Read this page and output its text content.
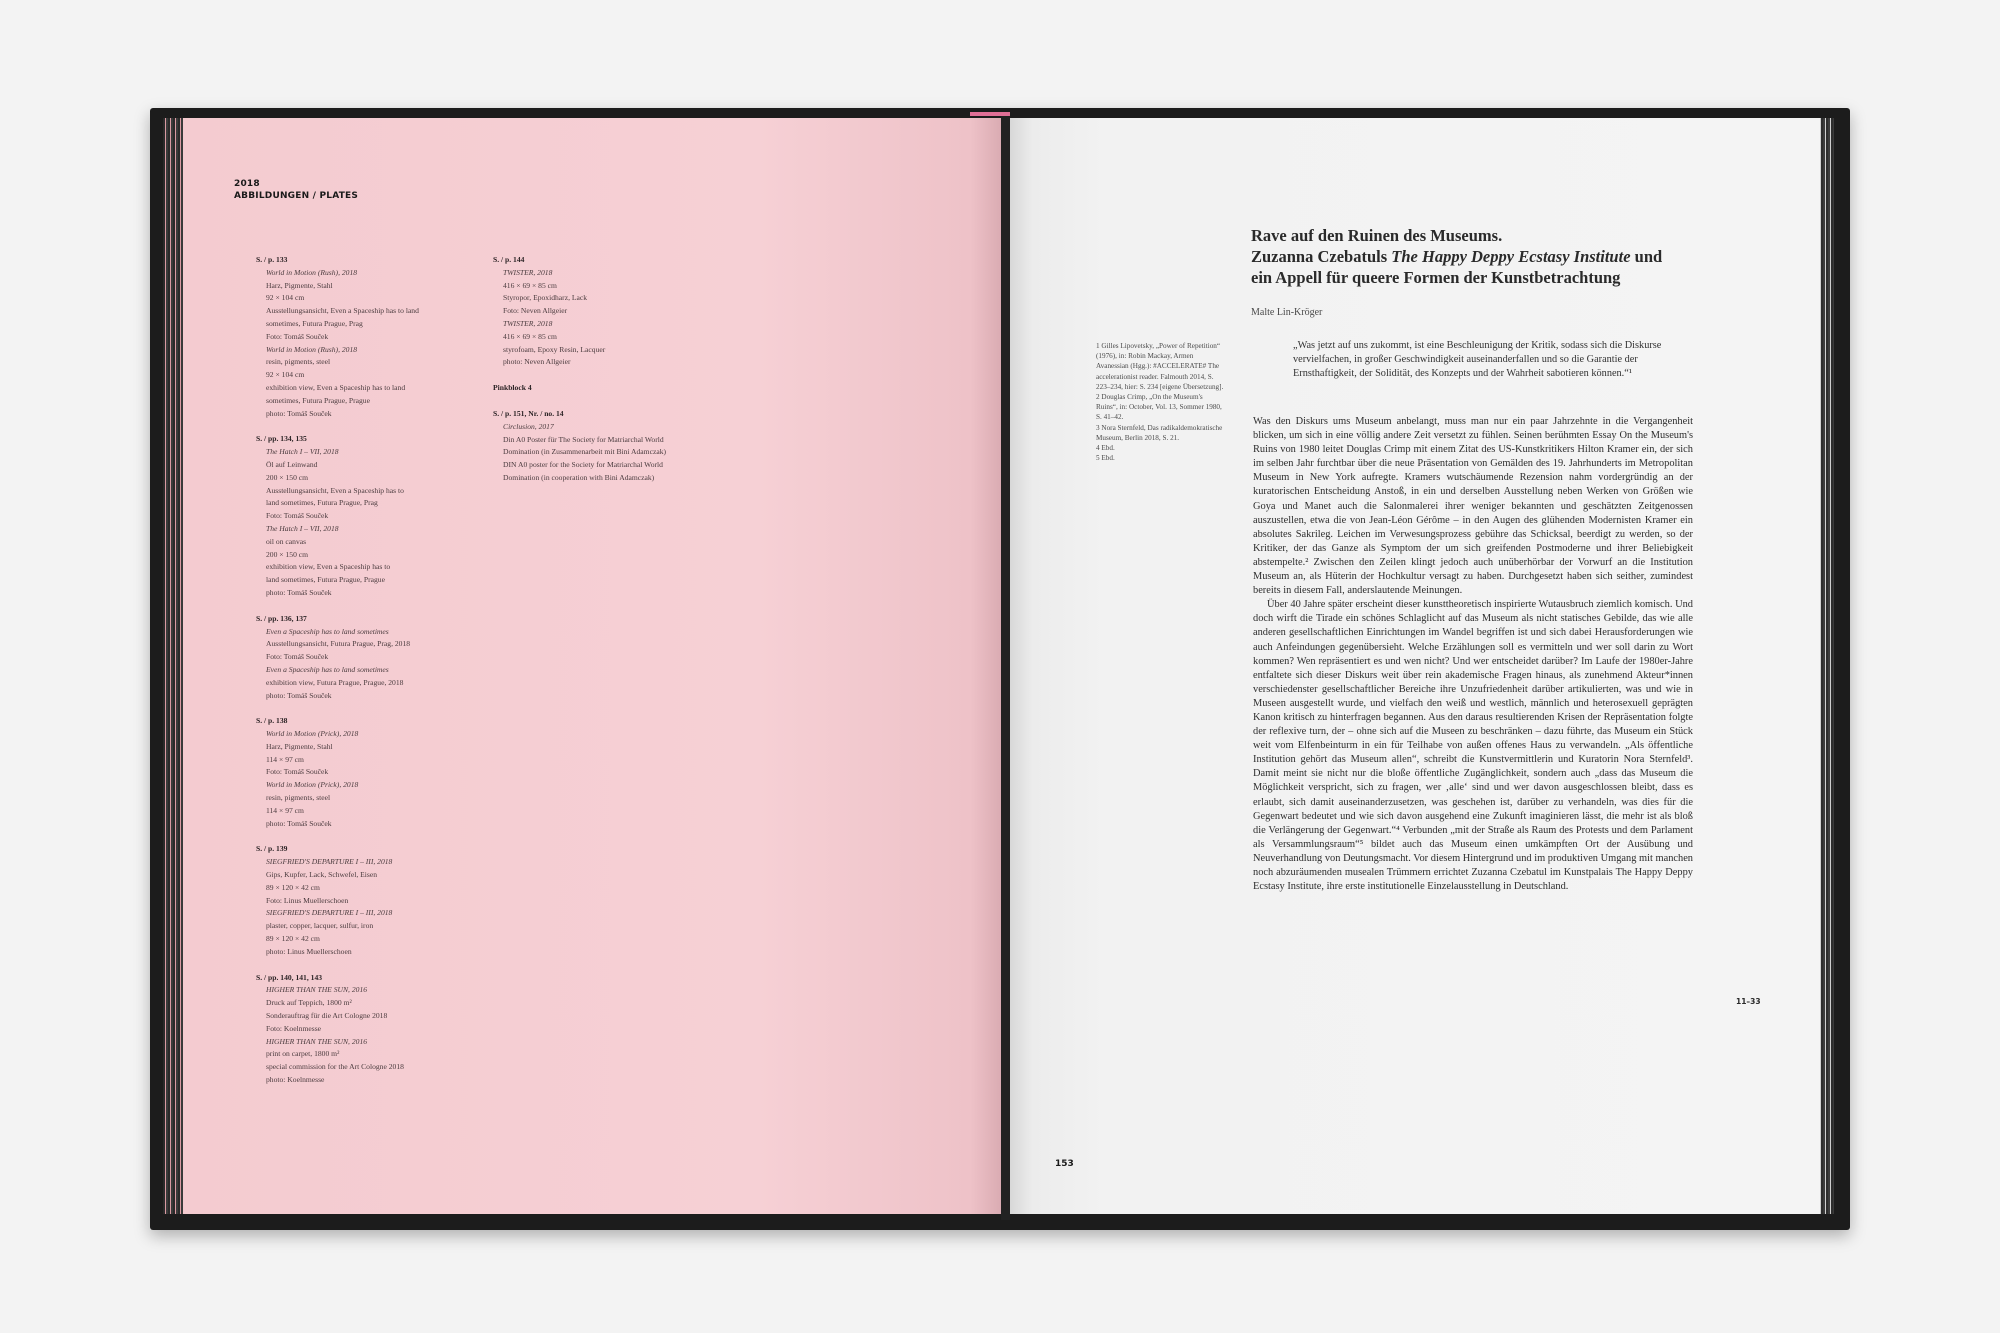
2018
ABBILDUNGEN / PLATES
S. / p. 133
World in Motion (Rush), 2018
Harz, Pigmente, Stahl
92 × 104 cm
Ausstellungsansicht, Even a Spaceship has to land
sometimes, Futura Prague, Prag
Foto: Tomáš Souček
World in Motion (Rush), 2018
resin, pigments, steel
92 × 104 cm
exhibition view, Even a Spaceship has to land
sometimes, Futura Prague, Prague
photo: Tomáš Souček
S. / pp. 134, 135
The Hatch I – VII, 2018
Öl auf Leinwand
200 × 150 cm
Ausstellungsansicht, Even a Spaceship has to
land sometimes, Futura Prague, Prag
Foto: Tomáš Souček
The Hatch I – VII, 2018
oil on canvas
200 × 150 cm
exhibition view, Even a Spaceship has to
land sometimes, Futura Prague, Prague
photo: Tomáš Souček
S. / pp. 136, 137
Even a Spaceship has to land sometimes
Ausstellungsansicht, Futura Prague, Prag, 2018
Foto: Tomáš Souček
Even a Spaceship has to land sometimes
exhibition view, Futura Prague, Prague, 2018
photo: Tomáš Souček
S. / p. 138
World in Motion (Prick), 2018
Harz, Pigmente, Stahl
114 × 97 cm
Foto: Tomáš Souček
World in Motion (Prick), 2018
resin, pigments, steel
114 × 97 cm
photo: Tomáš Souček
S. / p. 139
SIEGFRIED'S DEPARTURE I – III, 2018
Gips, Kupfer, Lack, Schwefel, Eisen
89 × 120 × 42 cm
Foto: Linus Muellerschoen
SIEGFRIED'S DEPARTURE I – III, 2018
plaster, copper, lacquer, sulfur, iron
89 × 120 × 42 cm
photo: Linus Muellerschoen
S. / pp. 140, 141, 143
HIGHER THAN THE SUN, 2016
Druck auf Teppich, 1800 m²
Sonderauftrag für die Art Cologne 2018
Foto: Koelnmesse
HIGHER THAN THE SUN, 2016
print on carpet, 1800 m²
special commission for the Art Cologne 2018
photo: Koelnmesse
S. / p. 144
TWISTER, 2018
416 × 69 × 85 cm
Styropor, Epoxidharz, Lack
Foto: Neven Allgeier
TWISTER, 2018
416 × 69 × 85 cm
styrofoam, Epoxy Resin, Lacquer
photo: Neven Allgeier
Pinkblock 4
S. / p. 151, Nr. / no. 14
Circlusion, 2017
Din A0 Poster für The Society for Matriarchal World
Domination (in Zusammenarbeit mit Bini Adamczak)
DIN A0 poster for the Society for Matriarchal World
Domination (in cooperation with Bini Adamczak)
Rave auf den Ruinen des Museums.
Zuzanna Czebatuls The Happy Deppy Ecstasy Institute und
ein Appell für queere Formen der Kunstbetrachtung
Malte Lin-Kröger
1 Gilles Lipovetsky, „Power of Repetition“ (1976), in: Robin Mackay, Armen Avanessian (Hgg.): #ACCELERATE# The accelerationist reader. Falmouth 2014, S. 223–234, hier: S. 234 [eigene Übersetzung].
2 Douglas Crimp, „On the Museum's Ruins“, in: October, Vol. 13, Sommer 1980, S. 41–42.
3 Nora Sternfeld, Das radikaldemokratische Museum, Berlin 2018, S. 21.
4 Ebd.
5 Ebd.
„Was jetzt auf uns zukommt, ist eine Beschleunigung der Kritik, sodass sich die Diskurse vervielfachen, in großer Geschwindigkeit auseinanderfallen und so die Garantie der Ernsthaftigkeit, der Solidität, des Konzepts und der Wahrheit sabotieren können.“¹

Was den Diskurs ums Museum anbelangt, muss man nur ein paar Jahrzehnte in die Vergangenheit blicken, um sich in eine völlig andere Zeit versetzt zu fühlen. Seinen berühmten Essay On the Museum's Ruins von 1980 leitet Douglas Crimp mit einem Zitat des US-Kunstkritikers Hilton Kramer ein, der sich im selben Jahr furchtbar über die neue Präsentation von Gemälden des 19. Jahrhunderts im Metropolitan Museum in New York aufregte. Kramers wutschäumende Rezension nahm vordergründig an der kuratorischen Entscheidung Anstoß, in ein und derselben Ausstellung neben Werken von Größen wie Goya und Manet auch die Salonmalerei ihrer weniger bekannten und geschätzten Zeitgenossen auszustellen, etwa die von Jean-Léon Gérôme – in den Augen des glühenden Modernisten Kramer ein absolutes Sakrileg. Leichen im Verwesungsprozess gebühre das Schicksal, beerdigt zu werden, so der Kritiker, der das Ganze als Symptom der um sich greifenden Postmoderne und ihrer Beliebigkeit abstempelte.² Zwischen den Zeilen klingt jedoch auch unüberhörbar der Vorwurf an die Institution Museum an, als Hüterin der Hochkultur versagt zu haben. Durchgesetzt haben sich seither, zumindest bereits in diesem Fall, anderslautende Meinungen.

Über 40 Jahre später erscheint dieser kunsttheoretisch inspirierte Wutausbruch ziemlich komisch. Und doch wirft die Tirade ein schönes Schlaglicht auf das Museum als nicht statisches Gebilde, das wie alle anderen gesellschaftlichen Einrichtungen im Wandel begriffen ist und sich dabei Herausforderungen wie auch Anfeindungen gegenübersieht. Welche Erzählungen soll es vermitteln und wer soll darin zu Wort kommen? Wen repräsentiert es und wen nicht? Und wer entscheidet darüber? Im Laufe der 1980er-Jahre entfaltete sich dieser Diskurs weit über rein akademische Fragen hinaus, als zunehmend Akteur*innen verschiedenster gesellschaftlicher Bereiche ihre Unzufriedenheit darüber artikulierten, was und wie in Museen ausgestellt wurde, und vielfach den weiß und westlich, männlich und heterosexuell geprägten Kanon kritisch zu hinterfragen begannen. Aus den daraus resultierenden Krisen der Repräsentation folgte der reflexive turn, der – ohne sich auf die Museen zu beschränken – dazu führte, das Museum ein Stück weit vom Elfenbeinturm in ein für Teilhabe von außen offenes Haus zu verwandeln. „Als öffentliche Institution gehört das Museum allen“, schreibt die Kunstvermittlerin und Kuratorin Nora Sternfeld³. Damit meint sie nicht nur die bloße öffentliche Zugänglichkeit, sondern auch „dass das Museum die Möglichkeit verspricht, sich zu fragen, wer ‚alle‘ sind und wer davon ausgeschlossen bleibt, dass es erlaubt, sich damit auseinanderzusetzen, was geschehen ist, darüber zu verhandeln, was dies für die Gegenwart bedeutet und wie sich davon ausgehend eine Zukunft imaginieren lässt, die mehr ist als bloß die Verlängerung der Gegenwart.“⁴ Verbunden „mit der Straße als Raum des Protests und dem Parlament als Versammlungsraum“⁵ bildet auch das Museum einen umkämpften Ort der Ausübung und Neuverhandlung von Deutungsmacht. Vor diesem Hintergrund und im produktiven Umgang mit manchen noch abzuräumenden musealen Trümmern errichtet Zuzanna Czebatul im Kunstpalais The Happy Deppy Ecstasy Institute, ihre erste institutionelle Einzelausstellung in Deutschland.

11–33
153
